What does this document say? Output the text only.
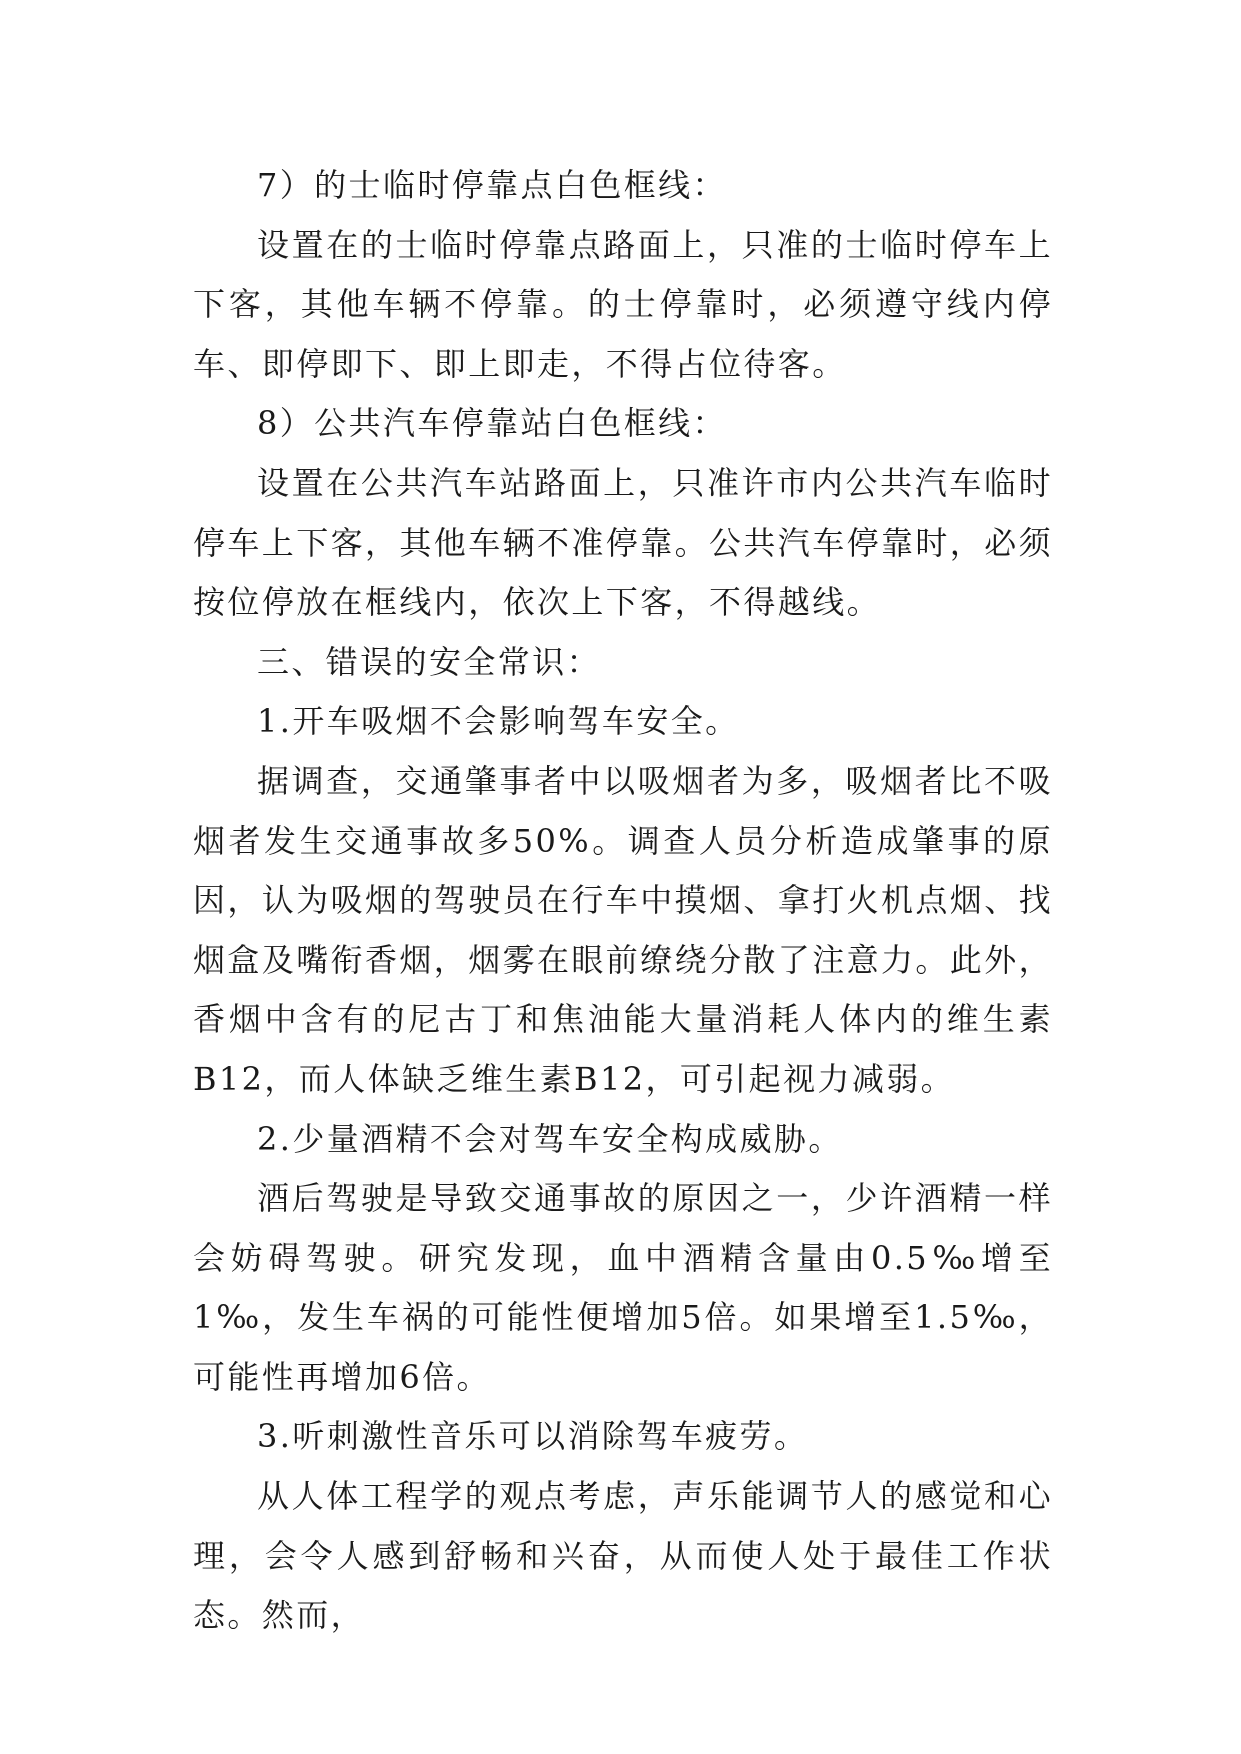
7）的士临时停靠点白色框线：

设置在的士临时停靠点路面上，只准的士临时停车上下客，其他车辆不停靠。的士停靠时，必须遵守线内停车、即停即下、即上即走，不得占位待客。

8）公共汽车停靠站白色框线：

设置在公共汽车站路面上，只准许市内公共汽车临时停车上下客，其他车辆不准停靠。公共汽车停靠时，必须按位停放在框线内，依次上下客，不得越线。

三、错误的安全常识：

1.开车吸烟不会影响驾车安全。

据调查，交通肇事者中以吸烟者为多，吸烟者比不吸烟者发生交通事故多50%。调查人员分析造成肇事的原因，认为吸烟的驾驶员在行车中摸烟、拿打火机点烟、找烟盒及嘴衔香烟，烟雾在眼前缭绕分散了注意力。此外，香烟中含有的尼古丁和焦油能大量消耗人体内的维生素B12，而人体缺乏维生素B12，可引起视力减弱。

2.少量酒精不会对驾车安全构成威胁。

酒后驾驶是导致交通事故的原因之一，少许酒精一样会妨碍驾驶。研究发现，血中酒精含量由0.5‰增至1‰，发生车祸的可能性便增加5倍。如果增至1.5‰，可能性再增加6倍。

3.听刺激性音乐可以消除驾车疲劳。

从人体工程学的观点考虑，声乐能调节人的感觉和心理，会令人感到舒畅和兴奋，从而使人处于最佳工作状态。然而，
